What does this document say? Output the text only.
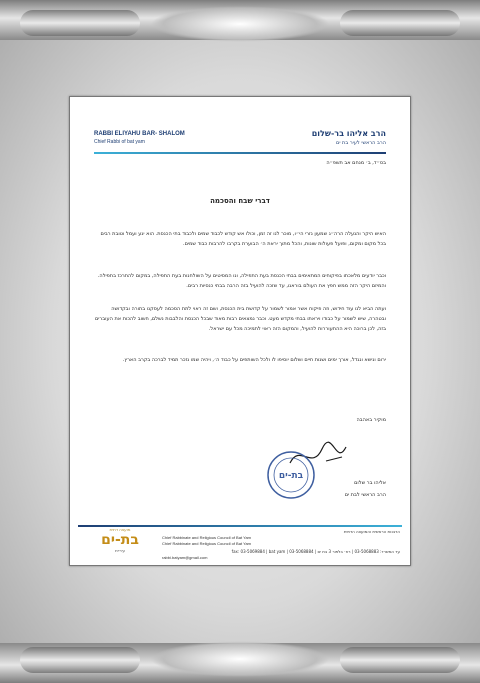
RABBI ELIYAHU BAR- SHALOM
Chief Rabbi of bat yam
הרב אליהו בר-שלום
הרב הראשי לעיר בת ים
בס״ד, ב׳ מנחם אב תשפ״ה
דברי שבח והסכמה
האיש היקר והנעלה הרה״ג שמעון נזרי הי״ו, מוכר לנו זה זמן, וכולו אש קודש לכבוד שמים ולכבוד בתי הכנסת. הוא יגע ועמל וטובת רבים בכל מקום ומקום, ופועל פעולות שונות, והכל מתוך יראת ה׳ הבוערת בקרבו להרבות כבוד שמים.
וכבר יודעים מלאכתו בפיקוחים המתאימים בבתי הכנסת בעת התפילה, ונו המסיטים על השולחנות בעת התפילה, במקום להתרכז בתפילה. והמיזם היקר הזה ממש חפץ את העולם בוראנו, עד שזכה להועיל בזה הרבה בבתי כנסיות רבים.
ועתה הביא לנו עוד חידוש, וזה פיקוח אשר אמור לשמור על קדושת בית הכנסת, ושם זה ראוי לתת הסכמה לעסקנו בתורה ובקדושה ובטהרה, שיש לשמור על כבודו ויראתו בבתי מקדש מעט. וכבר נמצאים רבות מאוד שבכל הכנסת והלבבות נשלם, חשוב להכות את העוברים בזה, לכן ברוכה היא ההתעוררות להועיל, והמקום הזה ראוי לתמיכה מכל עם ישראל.
ירום ונישא ונגדל, אורך ימים ושנות חיים ושלום יוסיפו לו ולכל השותפים על כבוד ה׳, ויהיה שמו נזכר תמיד לברכה בקרב הארץ.
מוקיר באהבה
בת-ים
אליהו בר שלום
הרב הראשי לבת ים
מועצה דתית
בת-ים
עיריית
הרבנות הראשית והמועצה הדתית
Chief Rabbinate and Religious Council of Bat Yam
Chief Rabbinate and Religious Council of Bat Yam
עד המשרד: 03-5068883 | רח׳ בלפור 3 בת ים | 03-5068884 | fax: 03-5069884 | bat yam
rabbi.batyam@gmail.com
